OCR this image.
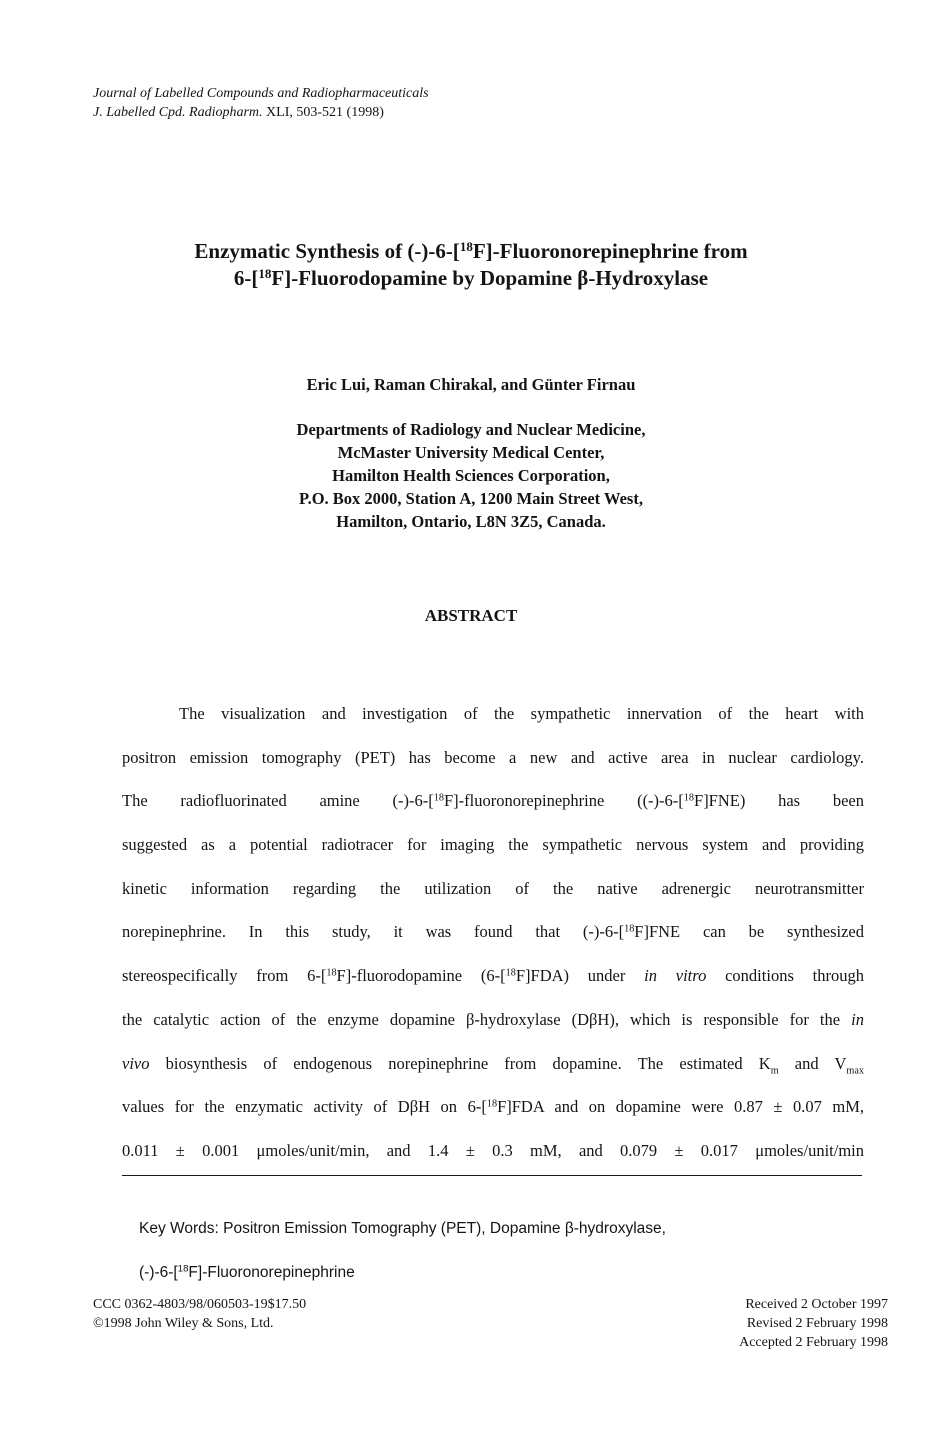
Journal of Labelled Compounds and Radiopharmaceuticals
J. Labelled Cpd. Radiopharm. XLI, 503-521 (1998)
Enzymatic Synthesis of (-)-6-[$^{18}$F]-Fluoronorepinephrine from
6-[$^{18}$F]-Fluorodopamine by Dopamine β-Hydroxylase
Eric Lui, Raman Chirakal, and Günter Firnau
Departments of Radiology and Nuclear Medicine,
McMaster University Medical Center,
Hamilton Health Sciences Corporation,
P.O. Box 2000, Station A, 1200 Main Street West,
Hamilton, Ontario, L8N 3Z5, Canada.
ABSTRACT
The visualization and investigation of the sympathetic innervation of the heart with
positron emission tomography (PET) has become a new and active area in nuclear cardiology.
The radiofluorinated amine (-)-6-[$^{18}$F]-fluoronorepinephrine ((-)-6-[$^{18}$F]FNE) has been
suggested as a potential radiotracer for imaging the sympathetic nervous system and providing
kinetic information regarding the utilization of the native adrenergic neurotransmitter
norepinephrine. In this study, it was found that (-)-6-[$^{18}$F]FNE can be synthesized
stereospecifically from 6-[$^{18}$F]-fluorodopamine (6-[$^{18}$F]FDA) under in vitro conditions through
the catalytic action of the enzyme dopamine β-hydroxylase (DβH), which is responsible for the in
vivo biosynthesis of endogenous norepinephrine from dopamine. The estimated $K_m$ and $V_{max}$
values for the enzymatic activity of DβH on 6-[$^{18}$F]FDA and on dopamine were 0.87 ± 0.07 mM,
0.011 ± 0.001 μmoles/unit/min, and 1.4 ± 0.3 mM, and 0.079 ± 0.017 μmoles/unit/min
Key Words: Positron Emission Tomography (PET), Dopamine β-hydroxylase,
(-)-6-[$^{18}$F]-Fluoronorepinephrine
CCC 0362-4803/98/060503-19$17.50
©1998 John Wiley & Sons, Ltd.
Received 2 October 1997
Revised 2 February 1998
Accepted 2 February 1998
